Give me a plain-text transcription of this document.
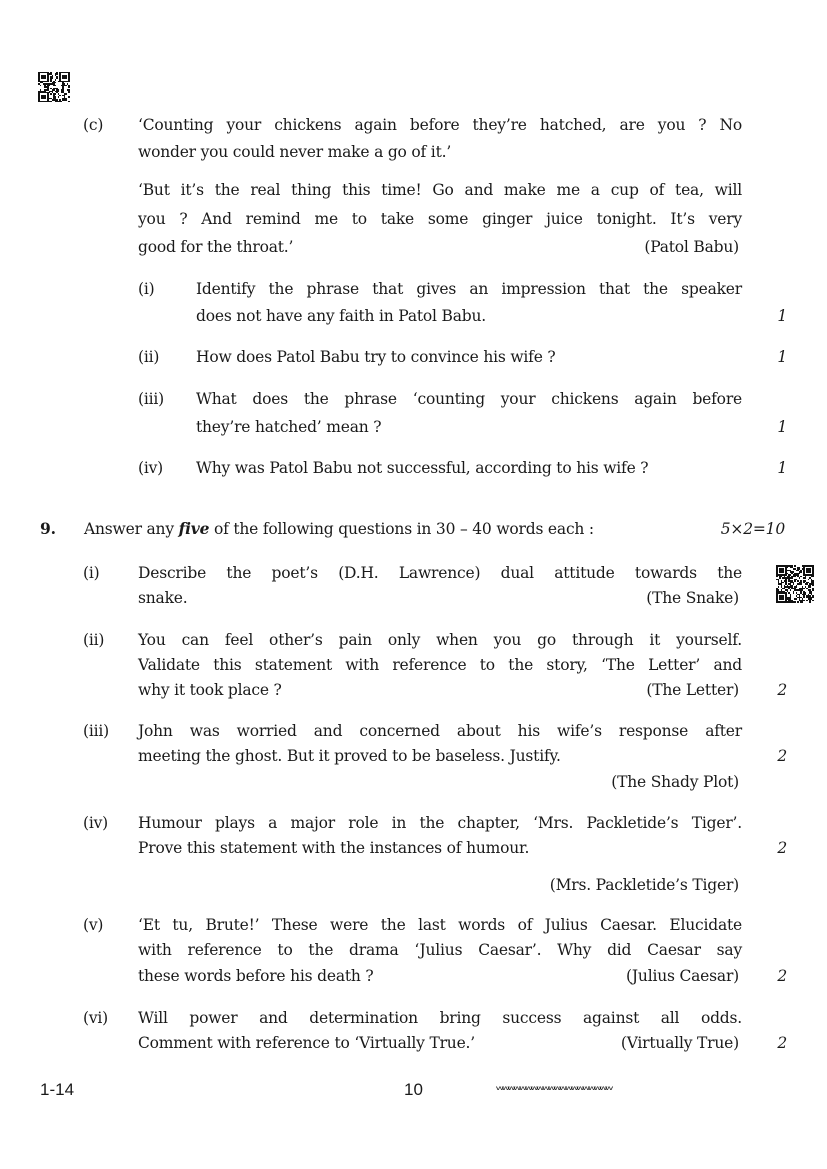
(c) ‘Counting your chickens again before they’re hatched, are you ? No
wonder you could never make a go of it.’
‘But it’s the real thing this time! Go and make me a cup of tea, will
you ? And remind me to take some ginger juice tonight. It’s very
good for the throat.’	(Patol Babu)
(i)	Identify the phrase that gives an impression that the speaker
does not have any faith in Patol Babu.	1
(ii) How does Patol Babu try to convince his wife ?	1
(iii) What does the phrase ‘counting your chickens again before
they’re hatched’ mean ?	1
(iv) Why was Patol Babu not successful, according to his wife ?	1
9. Answer any five of the following questions in 30 – 40 words each :	5×2=10
(i) Describe the poet’s (D.H. Lawrence) dual attitude towards the
snake.	(The Snake)
(ii) You can feel other’s pain only when you go through it yourself.
Validate this statement with reference to the story, ‘The Letter’ and
why it took place ?	(The Letter) 2
(iii) John was worried and concerned about his wife’s response after
meeting the ghost. But it proved to be baseless. Justify.	2
(The Shady Plot)
(iv) Humour plays a major role in the chapter, ‘Mrs. Packletide’s Tiger’.
Prove this statement with the instances of humour.	2
(Mrs. Packletide’s Tiger)
(v) ‘Et tu, Brute!’ These were the last words of Julius Caesar. Elucidate
with reference to the drama ‘Julius Caesar’. Why did Caesar say
these words before his death ?	(Julius Caesar) 2
(vi) Will power and determination bring success against all odds.
Comment with reference to ‘Virtually True.’	(Virtually True) 2
1-14	10	wwwwwwwwwwwwwwwwwwww
